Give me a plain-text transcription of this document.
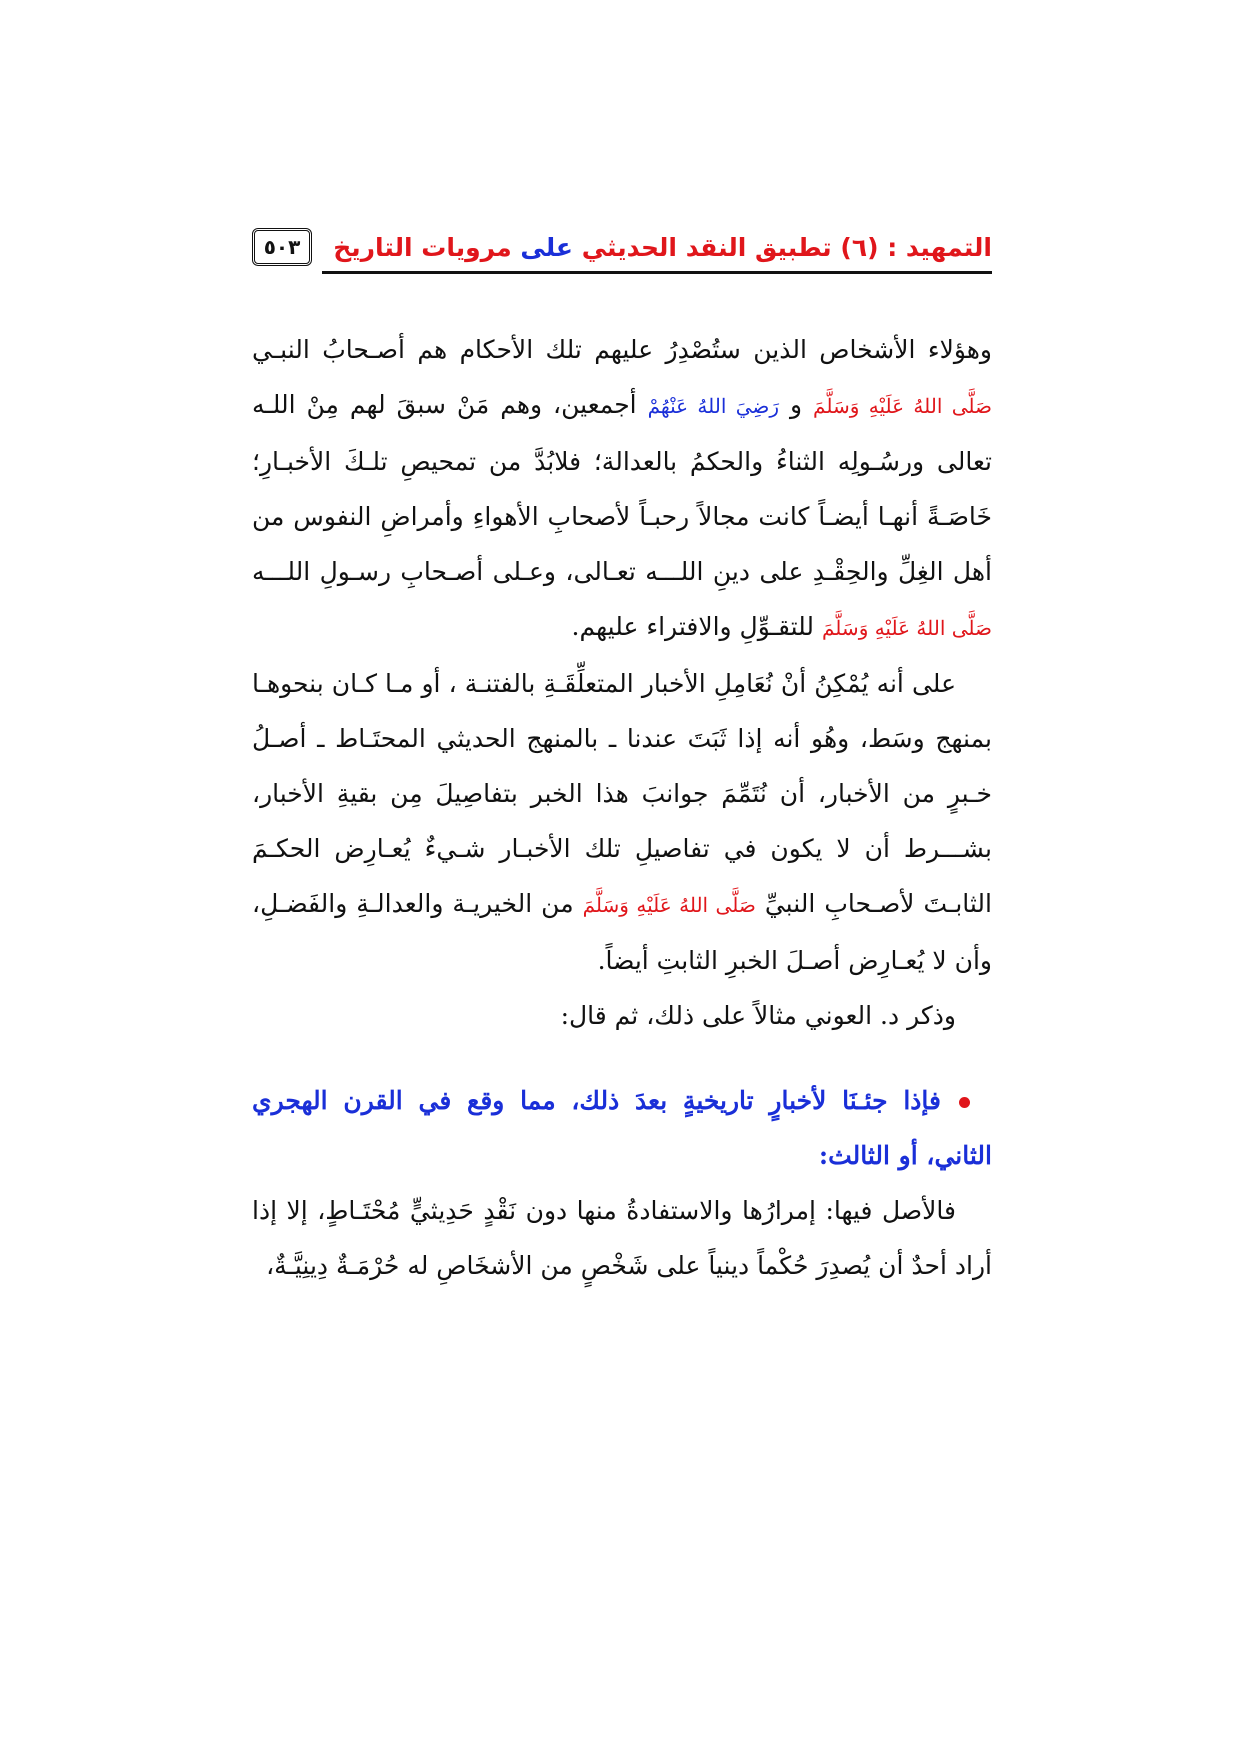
التمهيد : (٦) تطبيق النقد الحديثي على مرويات التاريخ
٥٠٣

وهؤلاء الأشخاص الذين ستُصْدِرُ عليهم تلك الأحكام هم أصـحابُ النبـي صَلَّى اللهُ عَلَيْهِ وَسَلَّمَ و رَضِيَ اللهُ عَنْهُمْ أجمعين، وهم مَنْ سبقَ لهم مِنْ اللـه تعالى ورسُـولِه الثناءُ والحكمُ بالعدالة؛ فلابُدَّ من تمحيصِ تلـكَ الأخبـارِ؛ خَاصَـةً أنهـا أيضـاً كانت مجالاً رحبـاً لأصحابِ الأهواءِ وأمراضِ النفوس من أهل الغِلِّ والحِقْـدِ على دينِ اللـــه تعـالى، وعـلى أصـحابِ رسـولِ اللـــه صَلَّى اللهُ عَلَيْهِ وَسَلَّمَ للتقـوِّلِ والافتراء عليهم.

على أنه يُمْكِنُ أنْ نُعَامِلِ الأخبار المتعلِّقَـةِ بالفتنـة ، أو مـا كـان بنحوهـا بمنهج وسَط، وهُو أنه إذا ثَبَتَ عندنا ـ بالمنهج الحديثي المحتَـاط ـ أصـلُ خـبرٍ من الأخبار، أن نُتَمِّمَ جوانبَ هذا الخبر بتفاصِيلَ مِن بقيةِ الأخبار، بشـــرط أن لا يكون في تفاصيلِ تلك الأخبـار شـيءٌ يُعـارِض الحكـمَ الثابـتَ لأصـحابِ النبيِّ صَلَّى اللهُ عَلَيْهِ وَسَلَّمَ من الخيريـة والعدالـةِ والفَضـلِ، وأن لا يُعـارِض أصـلَ الخبرِ الثابتِ أيضاً.

وذكر د. العوني مثالاً على ذلك، ثم قال:

فإذا جئـنَا لأخبارٍ تاريخيةٍ بعدَ ذلك، مما وقع في القرن الهجري الثاني، أو الثالث:

فالأصل فيها: إمرارُها والاستفادةُ منها دون نَقْدٍ حَدِيثيٍّ مُحْتَـاطٍ، إلا إذا أراد أحدٌ أن يُصدِرَ حُكْماً دينياً على شَخْصٍ من الأشخَاصِ له حُرْمَـةٌ دِينِيَّـةٌ،
